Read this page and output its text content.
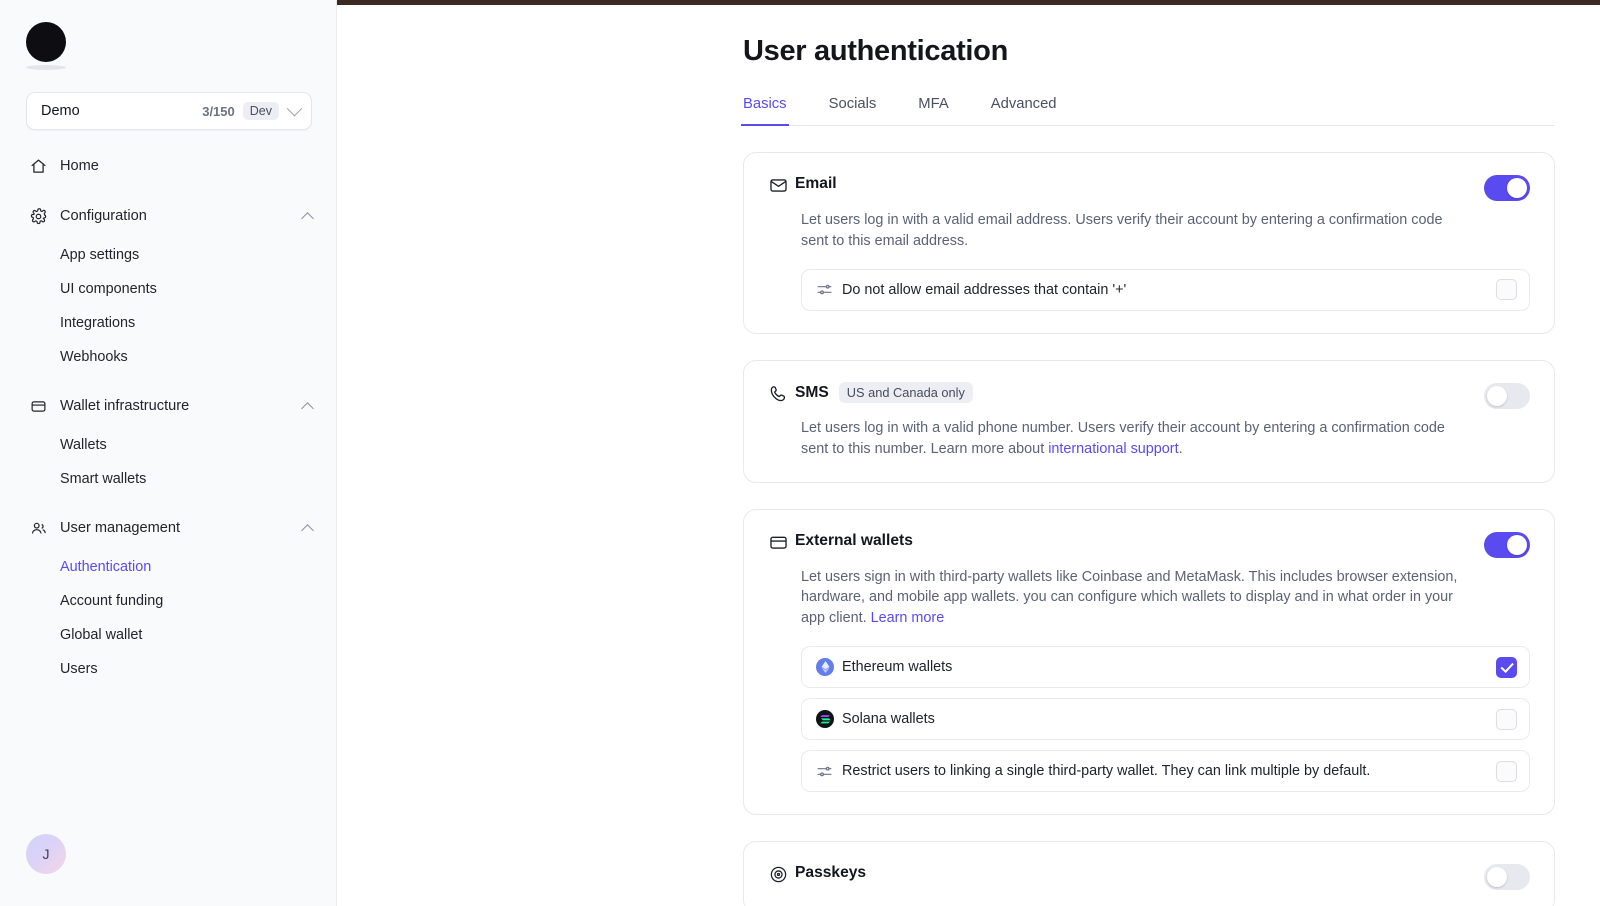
Demo	3/150	Dev
Home
Configuration
App settings
UI components
Integrations
Webhooks
Wallet infrastructure
Wallets
Smart wallets
User management
Authentication
Account funding
Global wallet
Users
J
User authentication
Basics	Socials	MFA	Advanced
Email
Let users log in with a valid email address. Users verify their account by entering a confirmation code sent to this email address.
Do not allow email addresses that contain '+'
SMS	US and Canada only
Let users log in with a valid phone number. Users verify their account by entering a confirmation code sent to this number. Learn more about international support.
External wallets
Let users sign in with third-party wallets like Coinbase and MetaMask. This includes browser extension, hardware, and mobile app wallets. you can configure which wallets to display and in what order in your app client. Learn more
Ethereum wallets
Solana wallets
Restrict users to linking a single third-party wallet. They can link multiple by default.
Passkeys
